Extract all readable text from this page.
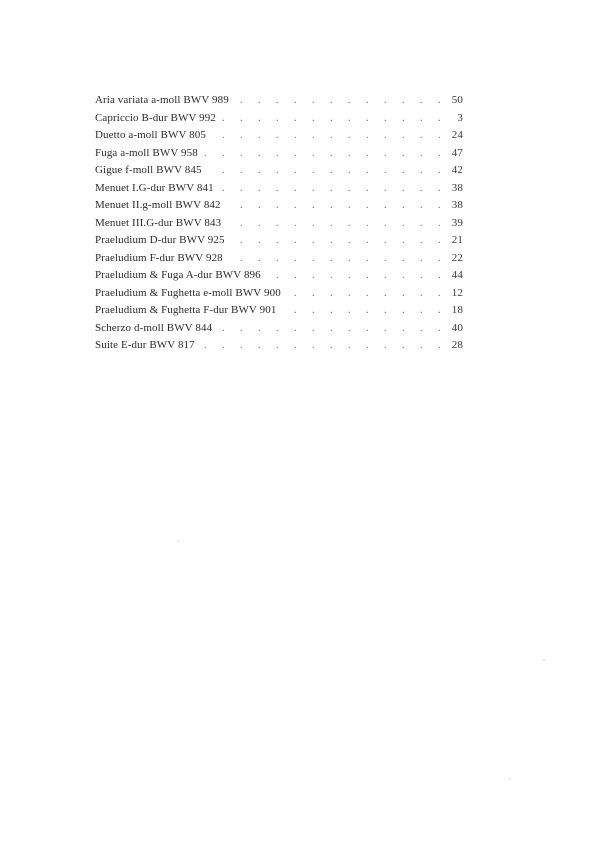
Aria variata a-moll BWV 989 . . .	50
Capriccio B-dur BWV 992 . . .	3
Duetto a-moll BWV 805 . . .	24
Fuga a-moll BWV 958 . . .	47
Gigue f-moll BWV 845 . . .	42
Menuet I.G-dur BWV 841 . . .	38
Menuet II.g-moll BWV 842 . . .	38
Menuet III.G-dur BWV 843 . . .	39
Praeludium D-dur BWV 925 . . .	21
Praeludium F-dur BWV 928 . . .	22
Praeludium & Fuga A-dur BWV 896 . . .	44
Praeludium & Fughetta e-moll BWV 900 . . .	12
Praeludium & Fughetta F-dur BWV 901 . . .	18
Scherzo d-moll BWV 844 . . .	40
Suite E-dur BWV 817 . . .	28
